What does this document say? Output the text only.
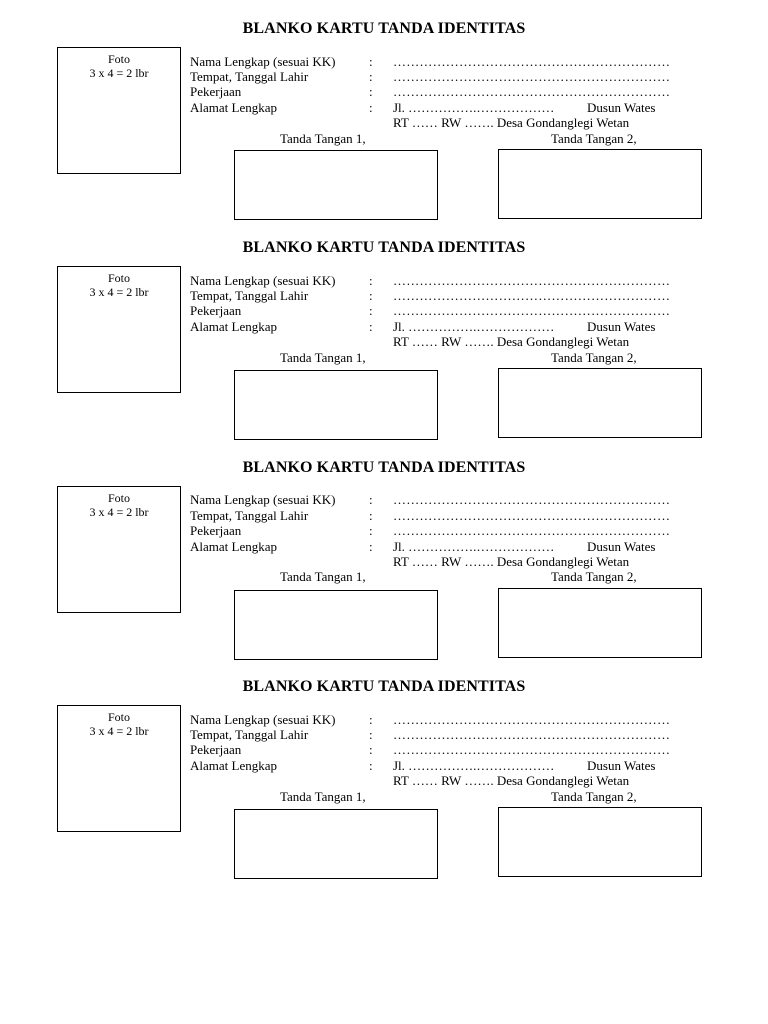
BLANKO KARTU TANDA IDENTITAS
Foto
3 x 4 = 2 lbr
Nama Lengkap (sesuai KK)	: ………………………………………………………
Tempat, Tanggal Lahir	: ………………………………………………………
Pekerjaan	: ………………………………………………………
Alamat Lengkap	: Jl. …………….………………	Dusun Wates
RT …… RW ……. Desa Gondanglegi Wetan
Tanda Tangan 1,	Tanda Tangan 2,
BLANKO KARTU TANDA IDENTITAS
Foto
3 x 4 = 2 lbr
Nama Lengkap (sesuai KK)	: ………………………………………………………
Tempat, Tanggal Lahir	: ………………………………………………………
Pekerjaan	: ………………………………………………………
Alamat Lengkap	: Jl. …………….………………	Dusun Wates
RT …… RW ……. Desa Gondanglegi Wetan
Tanda Tangan 1,	Tanda Tangan 2,
BLANKO KARTU TANDA IDENTITAS
Foto
3 x 4 = 2 lbr
Nama Lengkap (sesuai KK)	: ………………………………………………………
Tempat, Tanggal Lahir	: ………………………………………………………
Pekerjaan	: ………………………………………………………
Alamat Lengkap	: Jl. …………….………………	Dusun Wates
RT …… RW ……. Desa Gondanglegi Wetan
Tanda Tangan 1,	Tanda Tangan 2,
BLANKO KARTU TANDA IDENTITAS
Foto
3 x 4 = 2 lbr
Nama Lengkap (sesuai KK)	: ………………………………………………………
Tempat, Tanggal Lahir	: ………………………………………………………
Pekerjaan	: ………………………………………………………
Alamat Lengkap	: Jl. …………….………………	Dusun Wates
RT …… RW ……. Desa Gondanglegi Wetan
Tanda Tangan 1,	Tanda Tangan 2,
